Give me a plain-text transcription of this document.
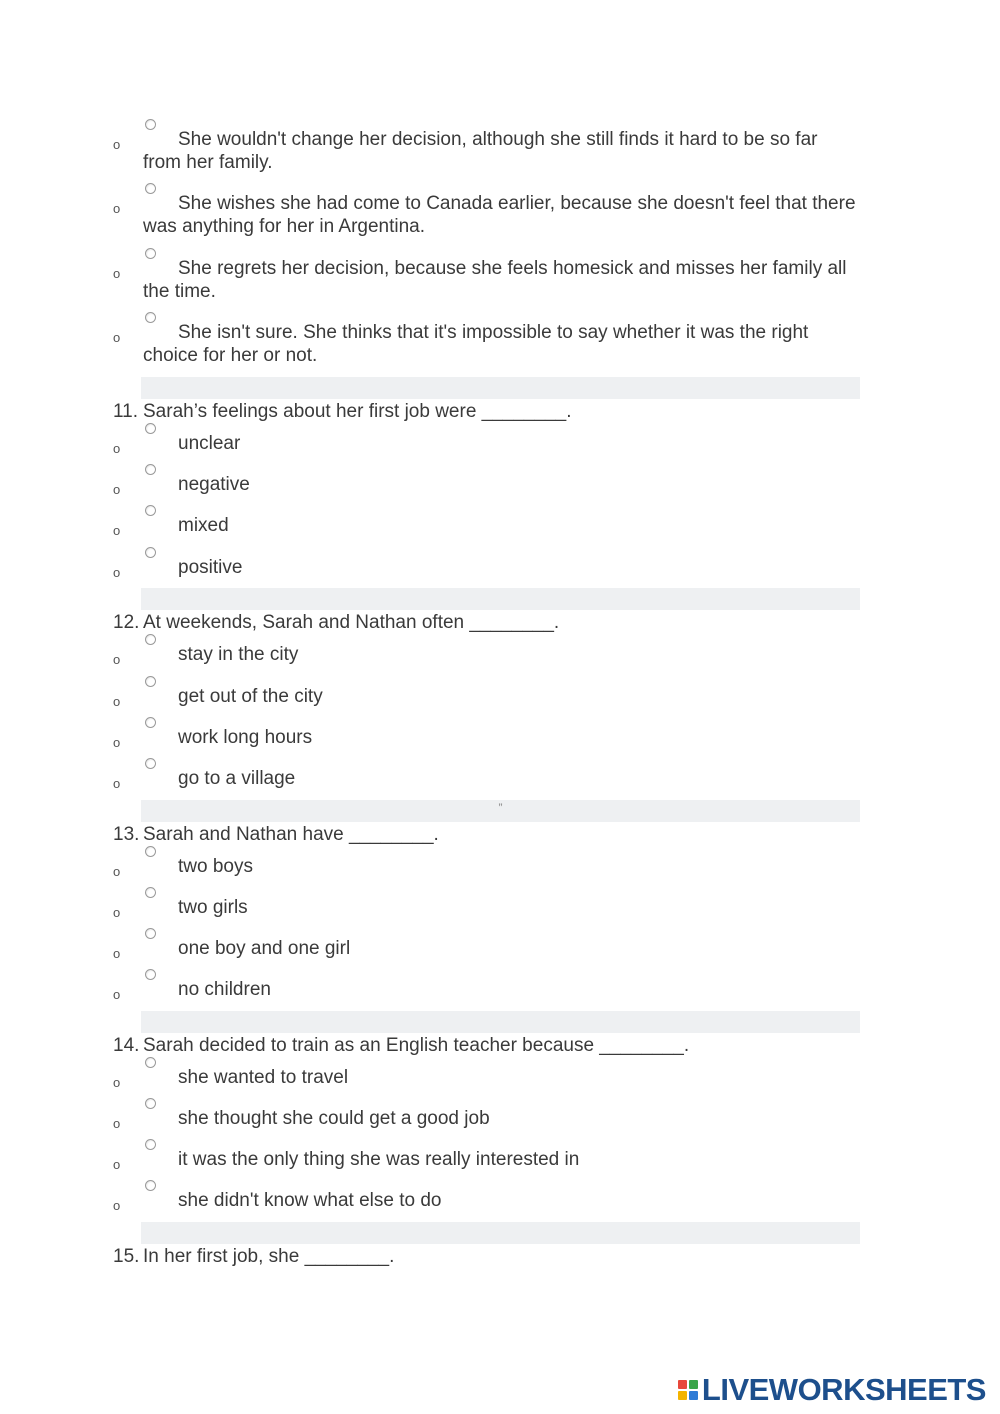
o	She wouldn't change her decision, although she still finds it hard to be so far from her family.
o	She wishes she had come to Canada earlier, because she doesn't feel that there was anything for her in Argentina.
o	She regrets her decision, because she feels homesick and misses her family all the time.
o	She isn't sure. She thinks that it's impossible to say whether it was the right choice for her or not.
11. Sarah’s feelings about her first job were ________.
o	unclear
o	negative
o	mixed
o	positive
12. At weekends, Sarah and Nathan often ________.
o	stay in the city
o	get out of the city
o	work long hours
o	go to a village
”
13. Sarah and Nathan have ________.
o	two boys
o	two girls
o	one boy and one girl
o	no children
14. Sarah decided to train as an English teacher because ________.
o	she wanted to travel
o	she thought she could get a good job
o	it was the only thing she was really interested in
o	she didn't know what else to do
15. In her first job, she ________.
LIVEWORKSHEETS
